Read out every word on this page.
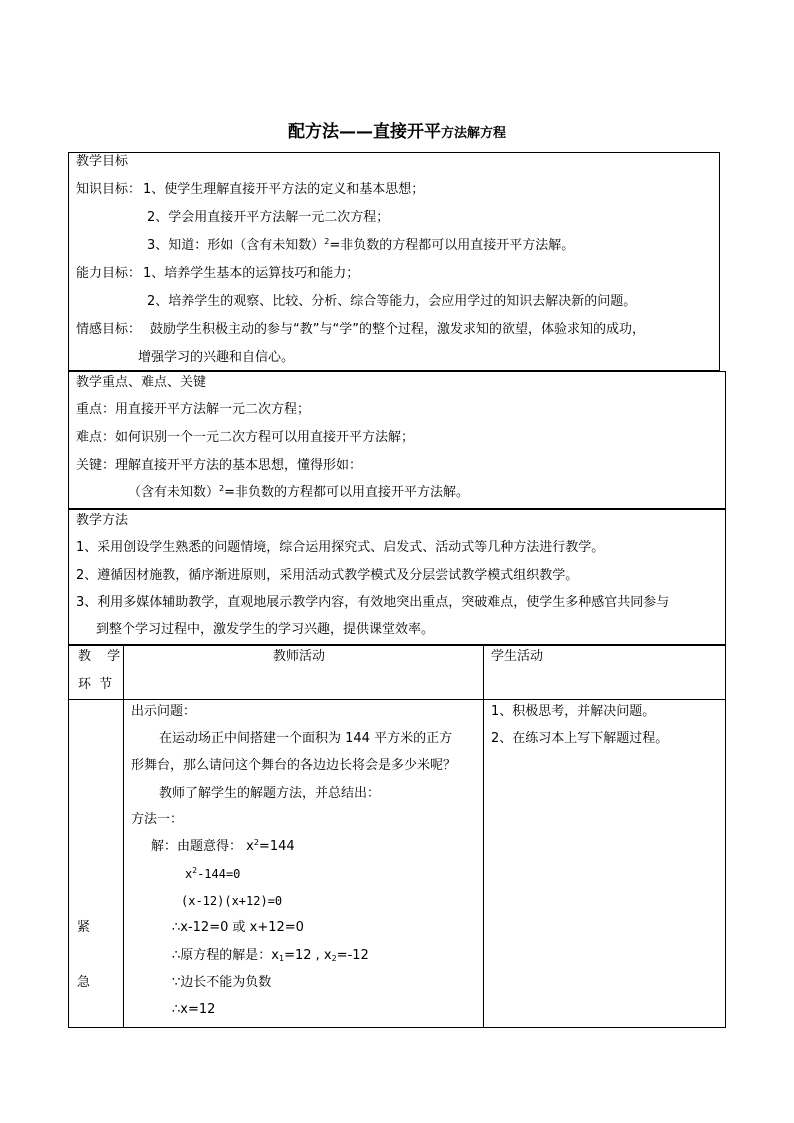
配方法——直接开平方法解方程
教学目标
知识目标： 1、使学生理解直接开平方法的定义和基本思想；
2、学会用直接开平方法解一元二次方程；
3、知道：形如（含有未知数）$^2$=非负数的方程都可以用直接开平方法解。
能力目标： 1、培养学生基本的运算技巧和能力；
2、培养学生的观察、比较、分析、综合等能力，会应用学过的知识去解决新的问题。
情感目标： 鼓励学生积极主动的参与“教”与“学”的整个过程，激发求知的欲望，体验求知的成功，
增强学习的兴趣和自信心。
教学重点、难点、关键
重点：用直接开平方法解一元二次方程；
难点：如何识别一个一元二次方程可以用直接开平方法解；
关键：理解直接开平方法的基本思想，懂得形如：
（含有未知数）$^2$=非负数的方程都可以用直接开平方法解。
教学方法
1、采用创设学生熟悉的问题情境，综合运用探究式、启发式、活动式等几种方法进行教学。
2、遵循因材施教，循序渐进原则，采用活动式教学模式及分层尝试教学模式组织教学。
3、利用多媒体辅助教学，直观地展示教学内容，有效地突出重点，突破难点，使学生多种感官共同参与
到整个学习过程中，激发学生的学习兴趣，提供课堂效率。
教 学
环 节
教师活动	学生活动
紧
急
出示问题：
在运动场正中间搭建一个面积为 144 平方米的正方
形舞台，那么请问这个舞台的各边边长将会是多少米呢？
教师了解学生的解题方法，并总结出：
方法一：
解：由题意得： $x^2=144$
$x^2-144=0$
(x-12)(x+12)=0
∴x-12=0 或 x+12=0
∴原方程的解是：$x_1=12$ , $x_2=-12$
∵边长不能为负数
∴x=12
1、积极思考，并解决问题。
2、在练习本上写下解题过程。
